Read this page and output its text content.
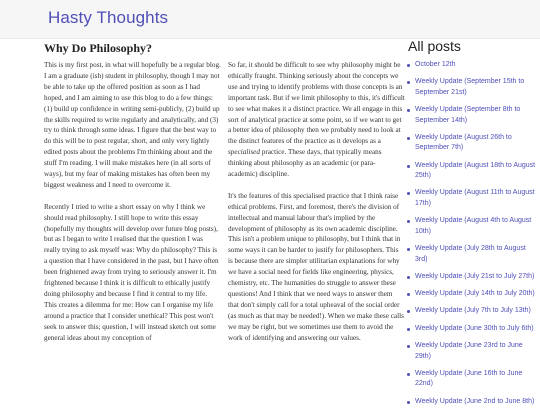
Hasty Thoughts
Why Do Philosophy?

This is my first post, in what will hopefully be a regular blog. I am a graduate (ish) student in philosophy, though I may not be able to take up the offered position as soon as I had hoped, and I am aiming to use this blog to do a few things: (1) build up confidence in writing semi-publicly, (2) build up the skills required to write regularly and analytically, and (3) try to think through some ideas. I figure that the best way to do this will be to post regular, short, and only very lightly edited posts about the problems I'm thinking about and the stuff I'm reading. I will make mistakes here (in all sorts of ways), but my fear of making mistakes has often been my biggest weakness and I need to overcome it.

Recently I tried to write a short essay on why I think we should read philosophy. I still hope to write this essay (hopefully my thoughts will develop over future blog posts), but as I began to write I realised that the question I was really trying to ask myself was: Why do philosophy? This is a question that I have considered in the past, but I have often been frightened away from trying to seriously answer it. I'm frightened because I think it is difficult to ethically justify doing philosophy and because I find it central to my life. This creates a dilemma for me: How can I organise my life around a practice that I consider unethical? This post won't seek to answer this; question, I will instead sketch out some general ideas about my conception of

So far, it should be difficult to see why philosophy might be ethically fraught. Thinking seriously about the concepts we use and trying to identify problems with those concepts is an important task. But if we limit philosophy to this, it's difficult to see what makes it a distinct practice. We all engage in this sort of analytical practice at some point, so if we want to get a better idea of philosophy then we probably need to look at the distinct features of the practice as it develops as a specialised practice. These days, that typically means thinking about philosophy as an academic (or para-academic) discipline.

It's the features of this specialised practice that I think raise ethical problems. First, and foremost, there's the division of intellectual and manual labour that's implied by the development of philosophy as its own academic discipline. This isn't a problem unique to philosophy, but I think that in some ways it can be harder to justify for philosophers. This is because there are simpler utilitarian explanations for why we have a social need for fields like engineering, physics, chemistry, etc. The humanities do struggle to answer these questions! And I think that we need ways to answer them that don't simply call for a total upheaval of the social order (as much as that may be needed!). When we make these calls we may be right, but we sometimes use them to avoid the work of identifying and answering our values.

All posts
October 12th
Weekly Update (September 15th to September 21st)
Weekly Update (September 8th to September 14th)
Weekly Update (August 26th to September 7th)
Weekly Update (August 18th to August 25th)
Weekly Update (August 11th to August 17th)
Weekly Update (August 4th to August 10th)
Weekly Update (July 28th to August 3rd)
Weekly Update (July 21st to July 27th)
Weekly Update (July 14th to July 20th)
Weekly Update (July 7th to July 13th)
Weekly Update (June 30th to July 6th)
Weekly Update (June 23rd to June 29th)
Weekly Update (June 16th to June 22nd)
Weekly Update (June 2nd to June 8th)
